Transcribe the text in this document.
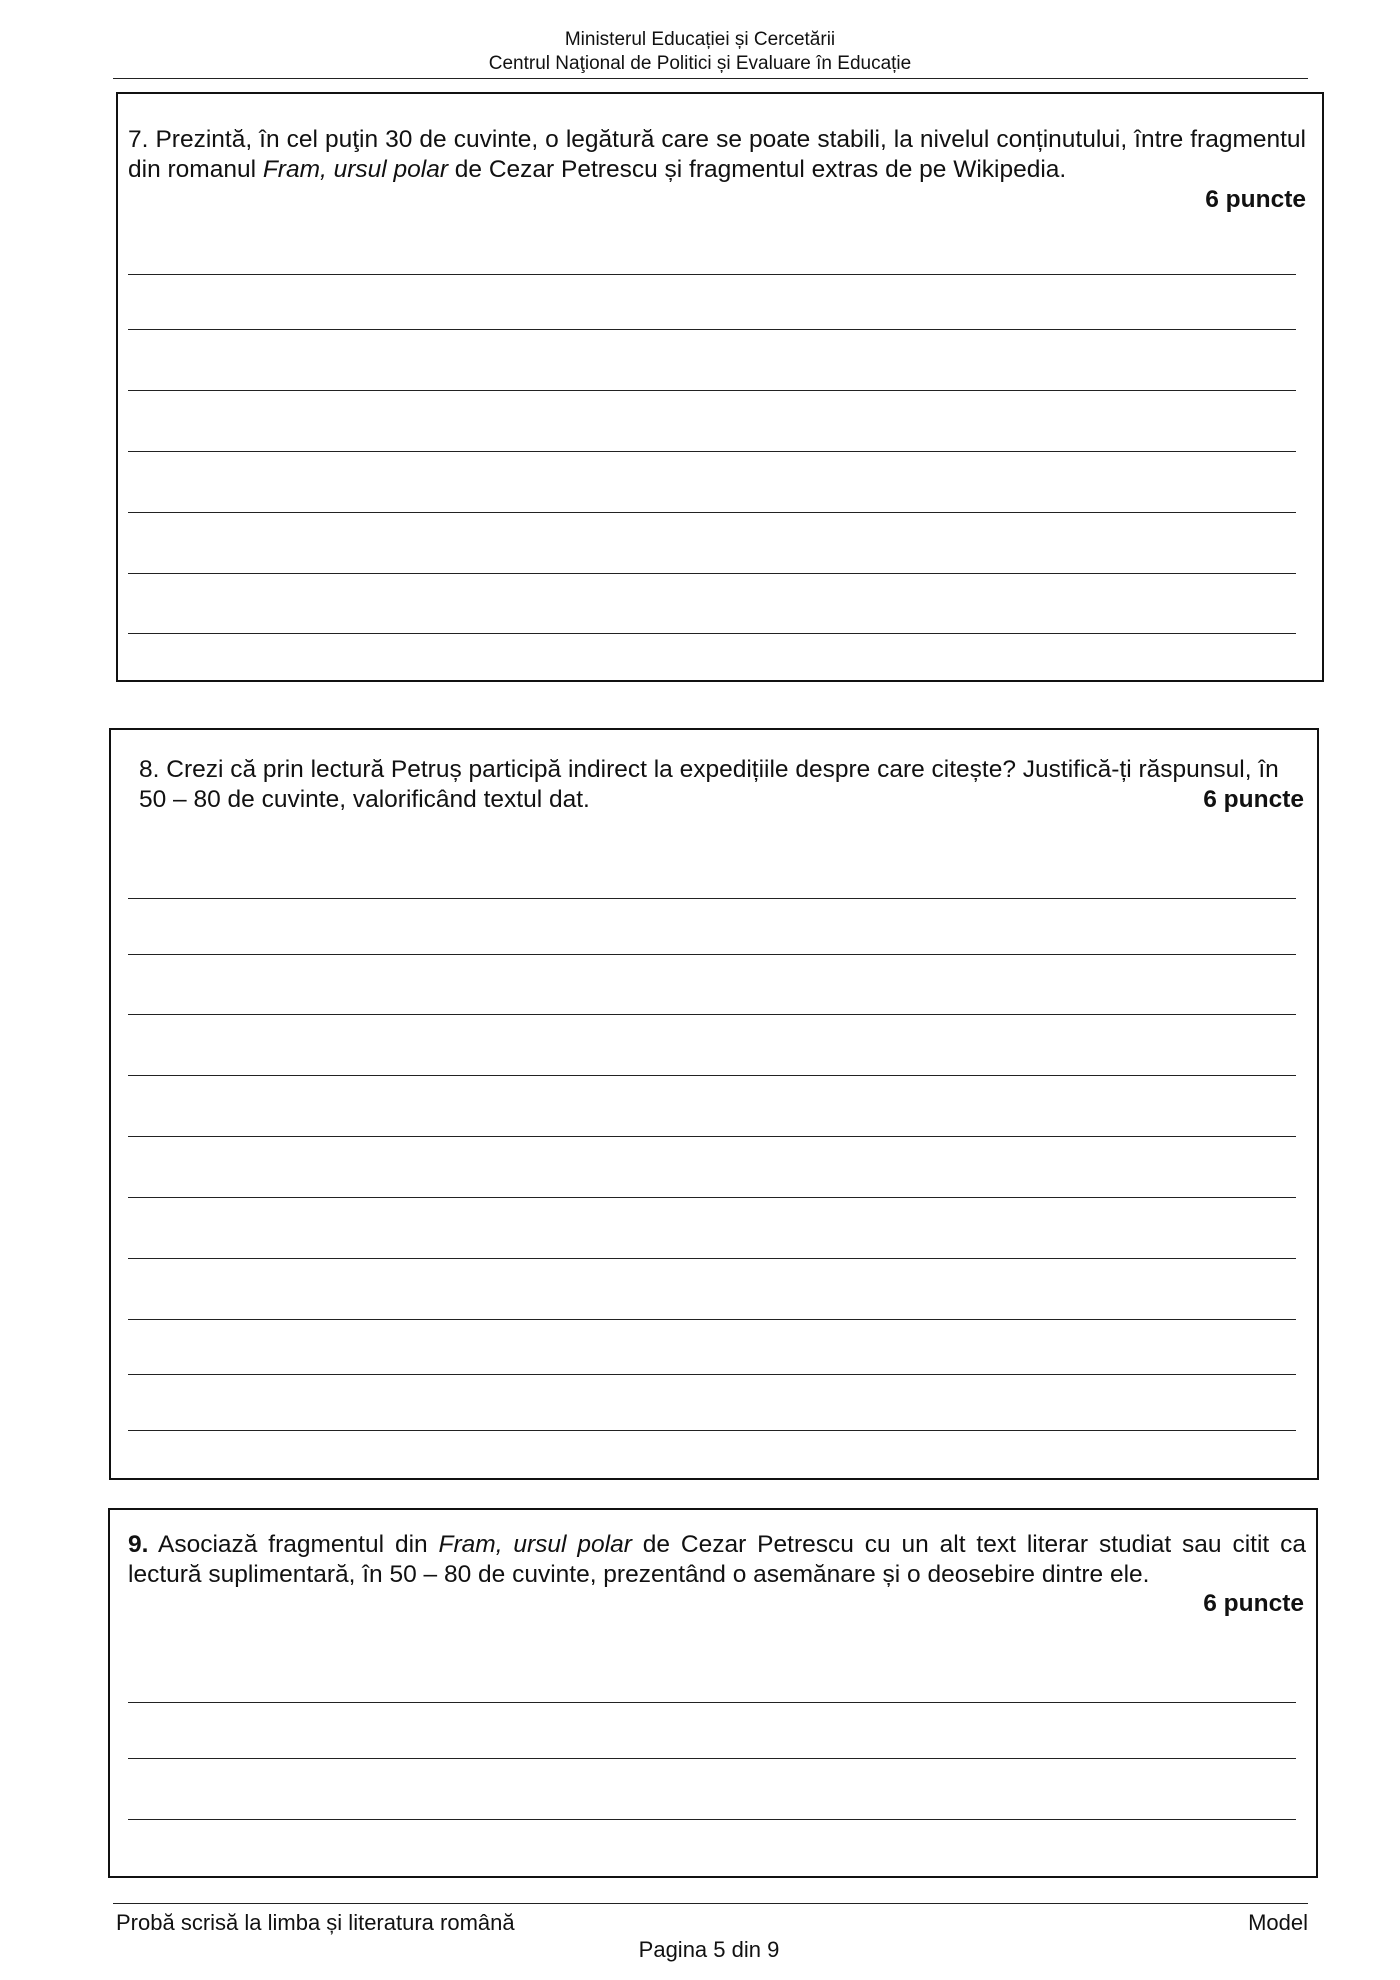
Ministerul Educației și Cercetării
Centrul Naţional de Politici și Evaluare în Educație
7. Prezintă, în cel puţin 30 de cuvinte, o legătură care se poate stabili, la nivelul conținutului, între fragmentul din romanul Fram, ursul polar de Cezar Petrescu și fragmentul extras de pe Wikipedia.
6 puncte
8. Crezi că prin lectură Petruș participă indirect la expedițiile despre care citește? Justifică-ți răspunsul, în 50 – 80 de cuvinte, valorificând textul dat.	6 puncte
9. Asociază fragmentul din Fram, ursul polar de Cezar Petrescu cu un alt text literar studiat sau citit ca lectură suplimentară, în 50 – 80 de cuvinte, prezentând o asemănare și o deosebire dintre ele.
6 puncte
Probă scrisă la limba și literatura română	Model
Pagina 5 din 9
